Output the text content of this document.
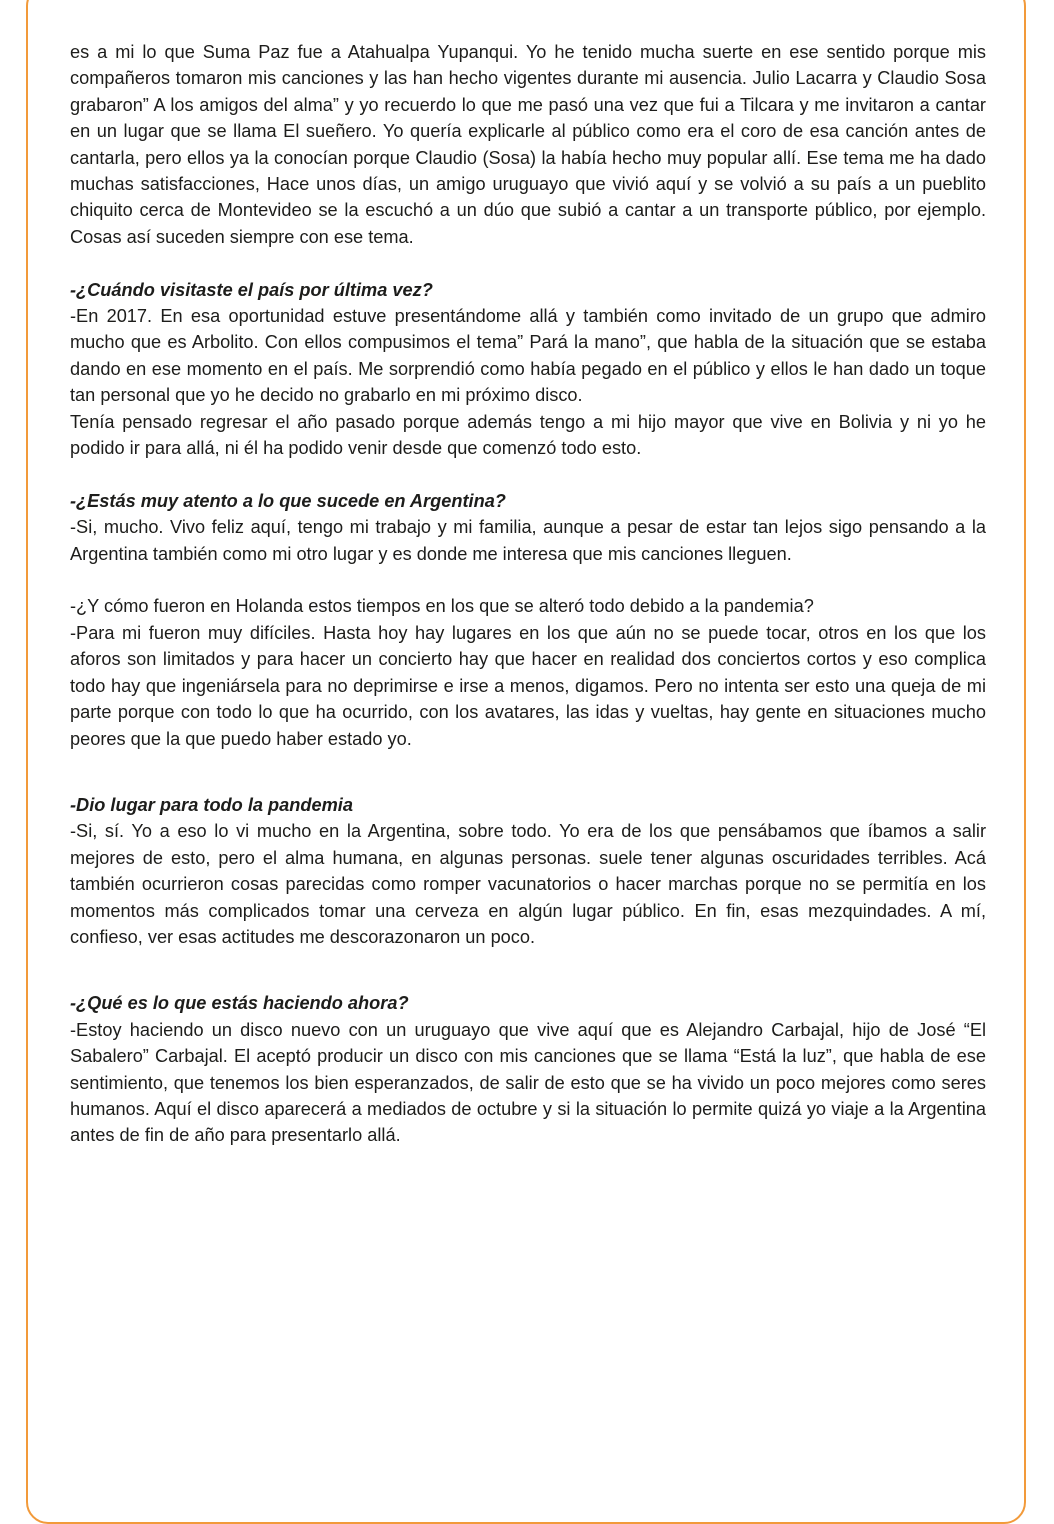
es a mi lo que Suma Paz fue a Atahualpa Yupanqui. Yo he tenido mucha suerte en ese sentido porque mis compañeros tomaron mis canciones y las han hecho vigentes durante mi ausencia. Julio Lacarra y Claudio Sosa grabaron” A los amigos del alma” y yo recuerdo lo que me pasó una vez que fui a Tilcara y me invitaron a cantar en un lugar que se llama El sueñero. Yo quería explicarle al público como era el coro de esa canción antes de cantarla, pero ellos ya la conocían porque Claudio (Sosa) la había hecho muy popular allí. Ese tema me ha dado muchas satisfacciones, Hace unos días, un amigo uruguayo que vivió aquí y se volvió a su país a un pueblito chiquito cerca de Montevideo se la escuchó a un dúo que subió a cantar a un transporte público, por ejemplo. Cosas así suceden siempre con ese tema.

-¿Cuándo visitaste el país por última vez?

-En 2017. En esa oportunidad estuve presentándome allá y también como invitado de un grupo que admiro mucho que es Arbolito. Con ellos compusimos el tema” Pará la mano”, que habla de la situación que se estaba dando en ese momento en el país. Me sorprendió como había pegado en el público y ellos le han dado un toque tan personal que yo he decido no grabarlo en mi próximo disco.

Tenía pensado regresar el año pasado porque además tengo a mi hijo mayor que vive en Bolivia y ni yo he podido ir para allá, ni él ha podido venir desde que comenzó todo esto.

-¿Estás muy atento a lo que sucede en Argentina?

-Si, mucho. Vivo feliz aquí, tengo mi trabajo y mi familia, aunque a pesar de estar tan lejos sigo pensando a la Argentina también como mi otro lugar y es donde me interesa que mis canciones lleguen.

-¿Y cómo fueron en Holanda estos tiempos en los que se alteró todo debido a la pandemia?

-Para mi fueron muy difíciles. Hasta hoy hay lugares en los que aún no se puede tocar, otros en los que los aforos son limitados y para hacer un concierto hay que hacer en realidad dos conciertos cortos y eso complica todo hay que ingeniársela para no deprimirse e irse a menos, digamos. Pero no intenta ser esto una queja de mi parte porque con todo lo que ha ocurrido, con los avatares, las idas y vueltas, hay gente en situaciones mucho peores que la que puedo haber estado yo.

-Dio lugar para todo la pandemia

-Si, sí. Yo a eso lo vi mucho en la Argentina, sobre todo. Yo era de los que pensábamos que íbamos a salir mejores de esto, pero el alma humana, en algunas personas. suele tener algunas oscuridades terribles. Acá también ocurrieron cosas parecidas como romper vacunatorios o hacer marchas porque no se permitía en los momentos más complicados tomar una cerveza en algún lugar público. En fin, esas mezquindades. A mí, confieso, ver esas actitudes me descorazonaron un poco.

-¿Qué es lo que estás haciendo ahora?

-Estoy haciendo un disco nuevo con un uruguayo que vive aquí que es Alejandro Carbajal, hijo de José “El Sabalero” Carbajal. El aceptó producir un disco con mis canciones que se llama “Está la luz”, que habla de ese sentimiento, que tenemos los bien esperanzados, de salir de esto que se ha vivido un poco mejores como seres humanos. Aquí el disco aparecerá a mediados de octubre y si la situación lo permite quizá yo viaje a la Argentina antes de fin de año para presentarlo allá.
